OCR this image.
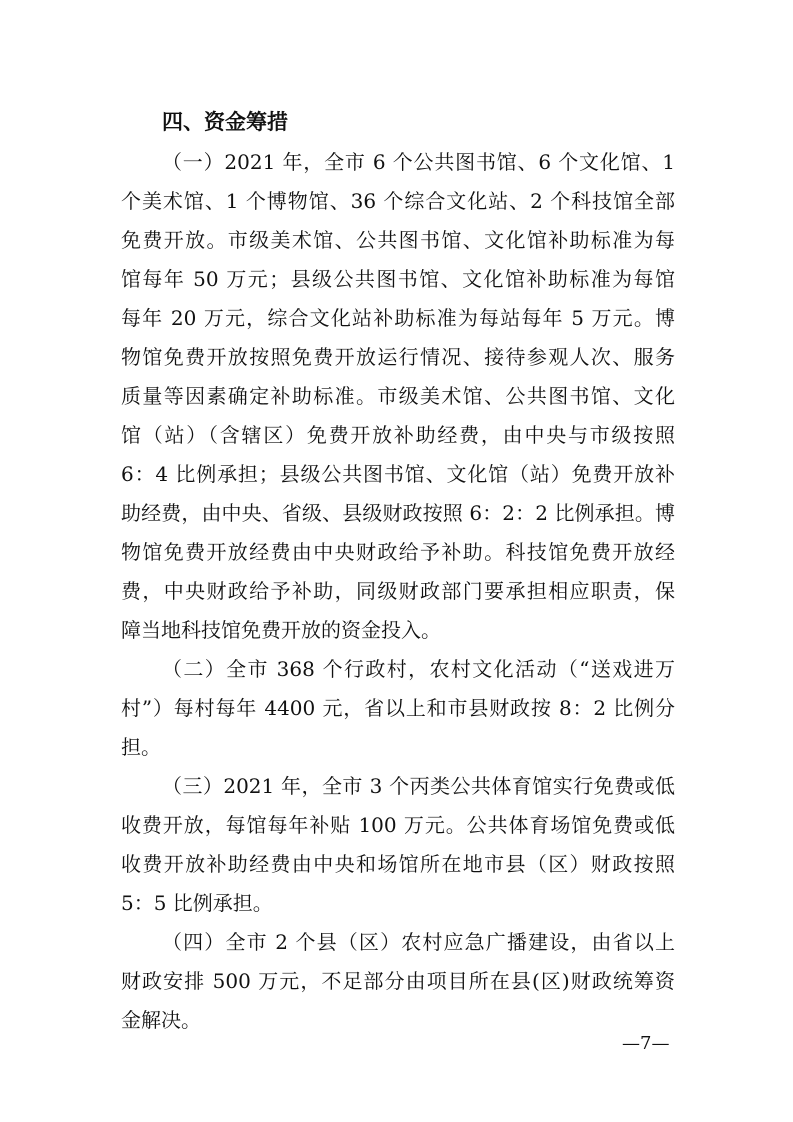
四、资金筹措

（一）2021 年，全市 6 个公共图书馆、6 个文化馆、1

个美术馆、1 个博物馆、36 个综合文化站、2 个科技馆全部

免费开放。市级美术馆、公共图书馆、文化馆补助标准为每

馆每年 50 万元；县级公共图书馆、文化馆补助标准为每馆

每年 20 万元，综合文化站补助标准为每站每年 5 万元。博

物馆免费开放按照免费开放运行情况、接待参观人次、服务

质量等因素确定补助标准。市级美术馆、公共图书馆、文化

馆（站）（含辖区）免费开放补助经费，由中央与市级按照

6：4 比例承担；县级公共图书馆、文化馆（站）免费开放补

助经费，由中央、省级、县级财政按照 6：2：2 比例承担。博

物馆免费开放经费由中央财政给予补助。科技馆免费开放经

费，中央财政给予补助，同级财政部门要承担相应职责，保

障当地科技馆免费开放的资金投入。

（二）全市 368 个行政村，农村文化活动（“送戏进万

村”）每村每年 4400 元，省以上和市县财政按 8：2 比例分

担。

（三）2021 年，全市 3 个丙类公共体育馆实行免费或低

收费开放，每馆每年补贴 100 万元。公共体育场馆免费或低

收费开放补助经费由中央和场馆所在地市县（区）财政按照

5：5 比例承担。

（四）全市 2 个县（区）农村应急广播建设，由省以上

财政安排 500 万元，不足部分由项目所在县(区)财政统筹资

金解决。

—7—
